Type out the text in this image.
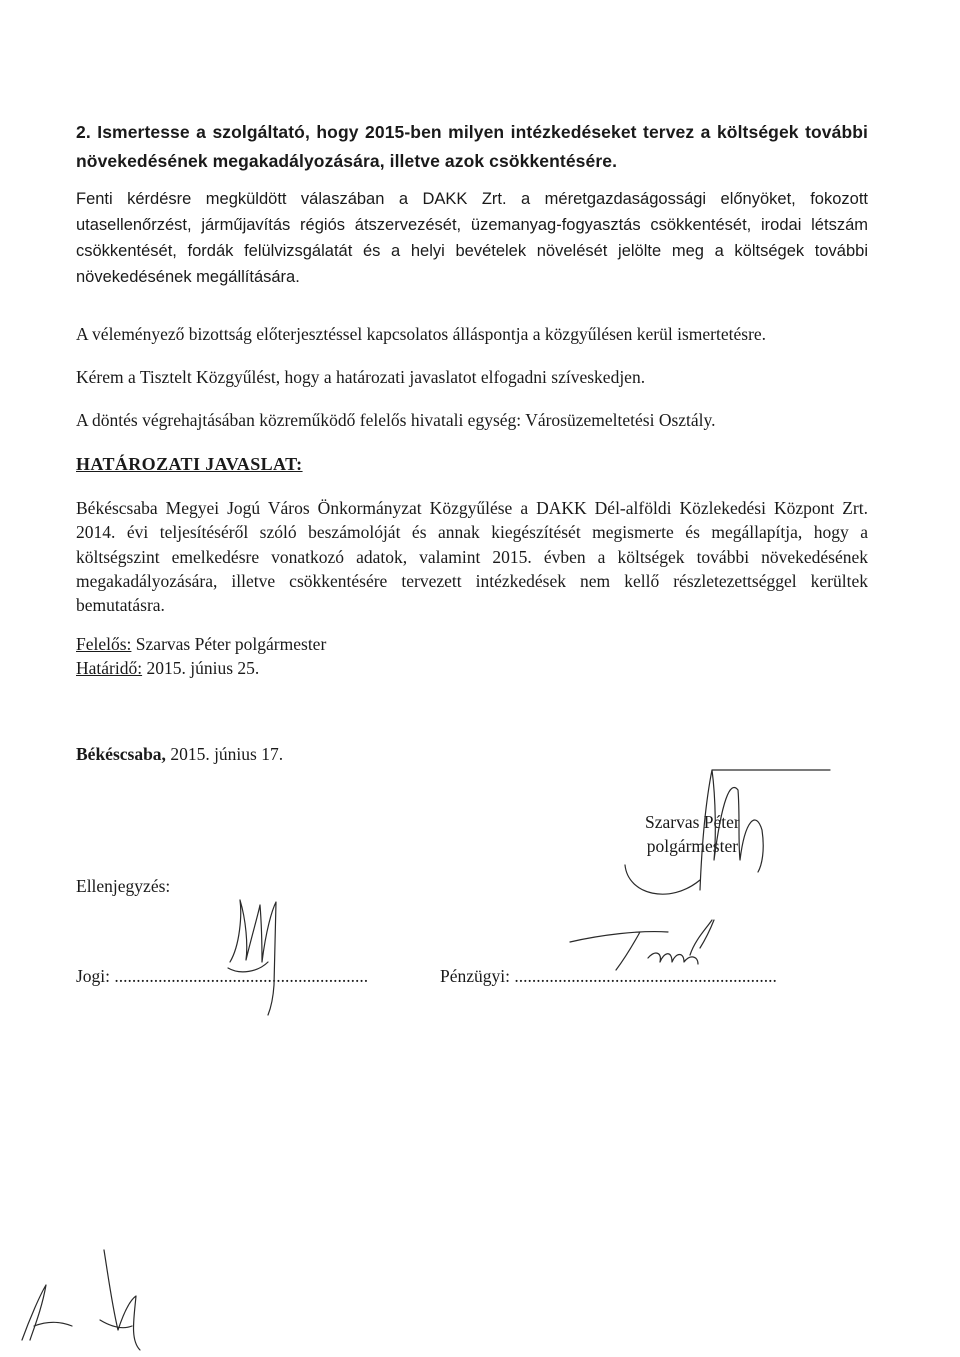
2. Ismertesse a szolgáltató, hogy 2015-ben milyen intézkedéseket tervez a költségek további növekedésének megakadályozására, illetve azok csökkentésére.
Fenti kérdésre megküldött válaszában a DAKK Zrt. a méretgazdaságossági előnyöket, fokozott utasellenőrzést, járműjavítás régiós átszervezését, üzemanyag-fogyasztás csökkentését, irodai létszám csökkentését, fordák felülvizsgálatát és a helyi bevételek növelését jelölte meg a költségek további növekedésének megállítására.
A véleményező bizottság előterjesztéssel kapcsolatos álláspontja a közgyűlésen kerül ismertetésre.
Kérem a Tisztelt Közgyűlést, hogy a határozati javaslatot elfogadni szíveskedjen.
A döntés végrehajtásában közreműködő felelős hivatali egység: Városüzemeltetési Osztály.
HATÁROZATI JAVASLAT:
Békéscsaba Megyei Jogú Város Önkormányzat Közgyűlése a DAKK Dél-alföldi Közlekedési Központ Zrt. 2014. évi teljesítéséről szóló beszámolóját és annak kiegészítését megismerte és megállapítja, hogy a költségszint emelkedésre vonatkozó adatok, valamint 2015. évben a költségek további növekedésének megakadályozására, illetve csökkentésére tervezett intézkedések nem kellő részletezettséggel kerültek bemutatásra.
Felelős: Szarvas Péter polgármester
Határidő: 2015. június 25.
Békéscsaba, 2015. június 17.
Szarvas Péter
polgármester
Ellenjegyzés:
Jogi: ..........................................................	Pénzügyi: ............................................................
